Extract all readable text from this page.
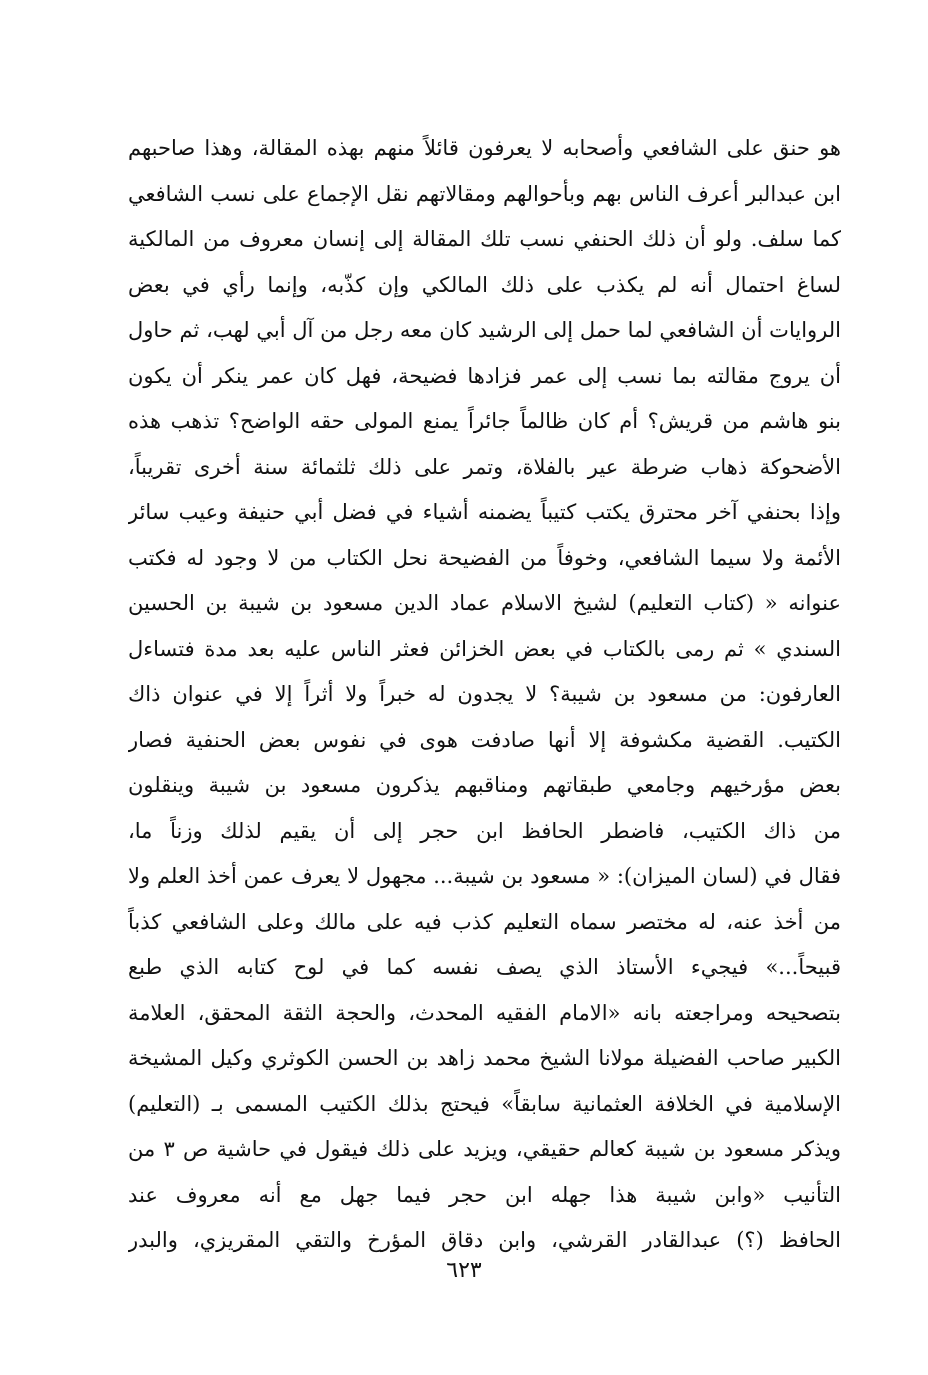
هو حنق على الشافعي وأصحابه لا يعرفون قائلاً منهم بهذه المقالة، وهذا صاحبهم
ابن عبدالبر أعرف الناس بهم وبأحوالهم ومقالاتهم نقل الإجماع على نسب الشافعي
كما سلف. ولو أن ذلك الحنفي نسب تلك المقالة إلى إنسان معروف من المالكية
لساغ احتمال أنه لم يكذب على ذلك المالكي وإن كذّبه، وإنما رأي في بعض
الروايات أن الشافعي لما حمل إلى الرشيد كان معه رجل من آل أبي لهب، ثم حاول
أن يروج مقالته بما نسب إلى عمر فزادها فضيحة، فهل كان عمر ينكر أن يكون
بنو هاشم من قريش؟ أم كان ظالماً جائراً يمنع المولى حقه الواضح؟ تذهب هذه
الأضحوكة ذهاب ضرطة عير بالفلاة، وتمر على ذلك ثلثمائة سنة أخرى تقريباً،
وإذا بحنفي آخر محترق يكتب كتيباً يضمنه أشياء في فضل أبي حنيفة وعيب سائر
الأئمة ولا سيما الشافعي، وخوفاً من الفضيحة نحل الكتاب من لا وجود له فكتب
عنوانه « (كتاب التعليم) لشيخ الاسلام عماد الدين مسعود بن شيبة بن الحسين
السندي » ثم رمى بالكتاب في بعض الخزائن فعثر الناس عليه بعد مدة فتساءل
العارفون: من مسعود بن شيبة؟ لا يجدون له خبراً ولا أثراً إلا في عنوان ذاك
الكتيب. القضية مكشوفة إلا أنها صادفت هوى في نفوس بعض الحنفية فصار
بعض مؤرخيهم وجامعي طبقاتهم ومناقبهم يذكرون مسعود بن شيبة وينقلون
من ذاك الكتيب، فاضطر الحافظ ابن حجر إلى أن يقيم لذلك وزناً ما،
فقال في (لسان الميزان): « مسعود بن شيبة... مجهول لا يعرف عمن أخذ العلم ولا
من أخذ عنه، له مختصر سماه التعليم كذب فيه على مالك وعلى الشافعي كذباً
قبيحاً...» فيجيء الأستاذ الذي يصف نفسه كما في لوح كتابه الذي طبع
بتصحيحه ومراجعته بانه «الامام الفقيه المحدث، والحجة الثقة المحقق، العلامة
الكبير صاحب الفضيلة مولانا الشيخ محمد زاهد بن الحسن الكوثري وكيل المشيخة
الإسلامية في الخلافة العثمانية سابقاً» فيحتج بذلك الكتيب المسمى بـ (التعليم)
ويذكر مسعود بن شيبة كعالم حقيقي، ويزيد على ذلك فيقول في حاشية ص ٣ من
التأنيب «وابن شيبة هذا جهله ابن حجر فيما جهل مع أنه معروف عند
الحافظ (؟) عبدالقادر القرشي، وابن دقاق المؤرخ والتقي المقريزي، والبدر
٦٢٣
